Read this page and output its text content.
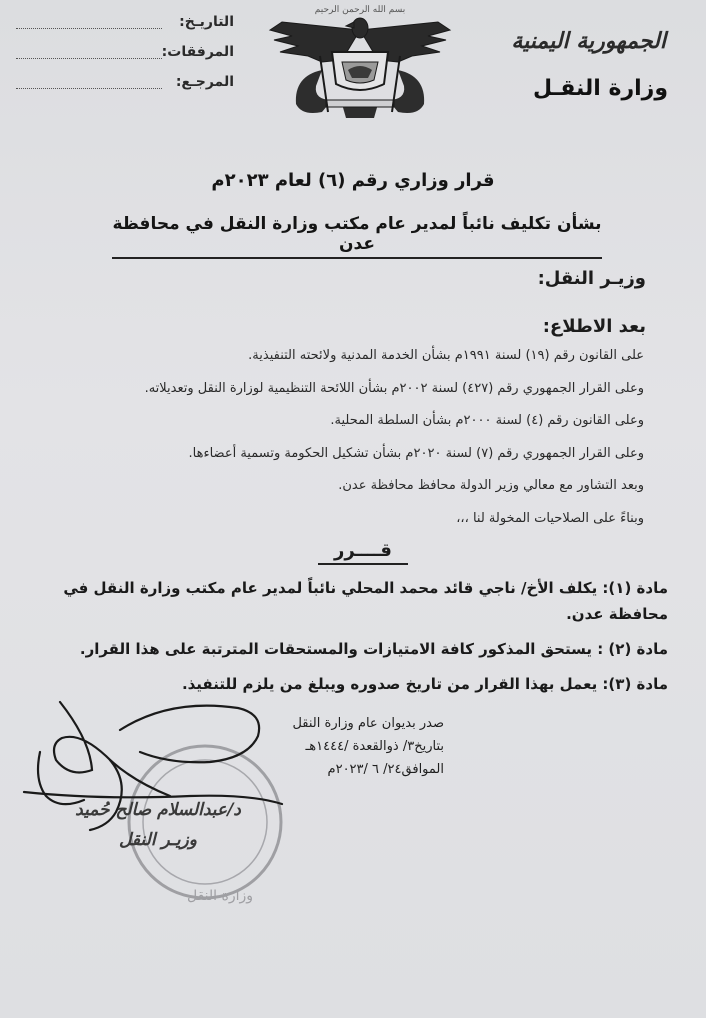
التاريـخ:
المرفقات:
المرجـع:
بسم الله الرحمن الرحيم
الجمهورية اليمنية
وزارة النقـل
قرار وزاري رقم (٦) لعام ٢٠٢٣م
بشأن تكليف نائباً لمدير عام مكتب وزارة النقل في محافظة عدن
وزيـر النقل:
بعد الاطلاع:
على القانون رقم (١٩) لسنة ١٩٩١م بشأن الخدمة المدنية ولائحته التنفيذية.
وعلى القرار الجمهوري رقم (٤٢٧) لسنة ٢٠٠٢م بشأن اللائحة التنظيمية لوزارة النقل وتعديلاته.
وعلى القانون رقم (٤) لسنة ٢٠٠٠م بشأن السلطة المحلية.
وعلى القرار الجمهوري رقم (٧) لسنة ٢٠٢٠م بشأن تشكيل الحكومة وتسمية أعضاءها.
وبعد التشاور مع معالي وزير الدولة محافظ محافظة عدن.
وبناءً على الصلاحيات المخولة لنا ،،،
قــــرر
مادة (١): يكلف الأخ/ ناجي قائد محمد المحلي نائباً لمدير عام مكتب وزارة النقل في محافظة عدن.
مادة (٢) : يستحق المذكور كافة الامتيازات والمستحقات المترتبة على هذا القرار.
مادة (٣): يعمل بهذا القرار من تاريخ صدوره ويبلغ من يلزم للتنفيذ.
صدر بديوان عام وزارة النقل
بتاريخ٣/ ذوالقعدة /١٤٤٤هـ
الموافق٢٤/ ٦ /٢٠٢٣م
وزارة النقل
د/عبدالسلام صالح حُميد
وزيـر النقل
